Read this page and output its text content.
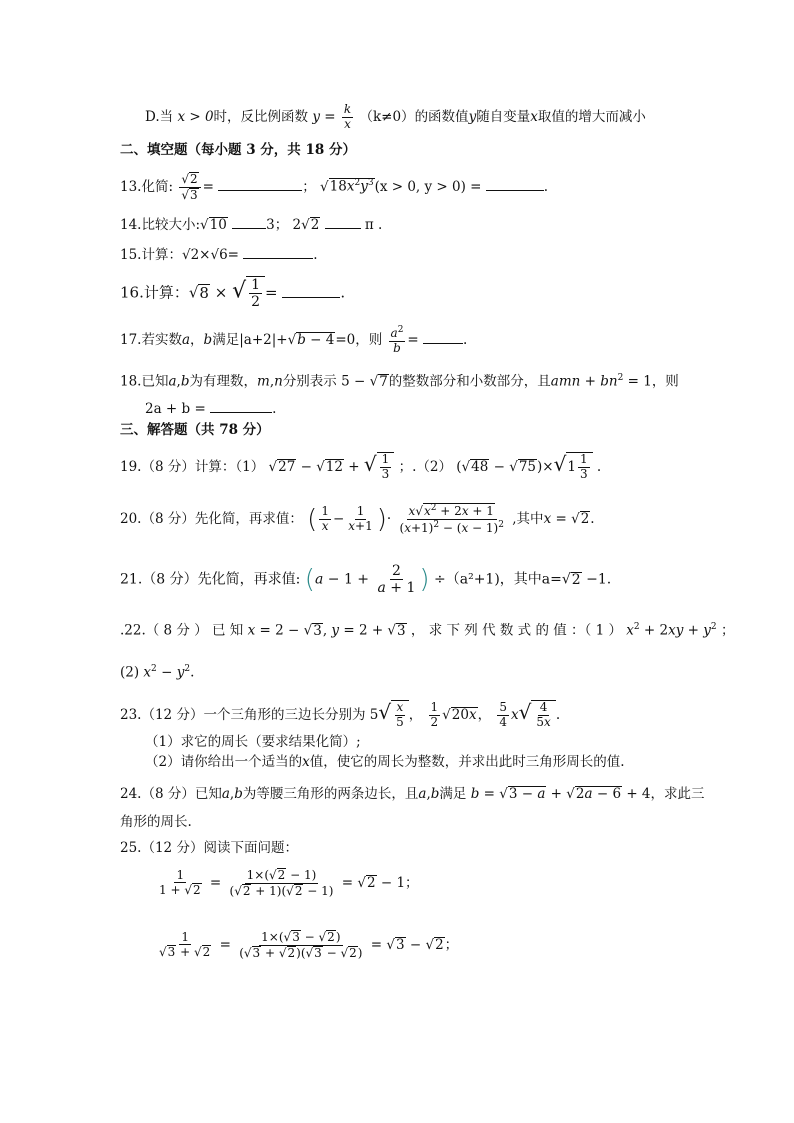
D.当 x > 0时，反比例函数 $y = \frac{k}{x} (k\ne 0)$的函数值y随自变量x取值的增大而减小
二、填空题（每小题 3 分，共 18 分）
13.化简: $\frac{√2}{√3}$ =	； $√18x^2y^3(x > 0$, y > 0) =	.
14.比较大小:√10	3； 2√2	π .
15.计算：√2×√6=	.
16.计算：√8 × √ $\frac{1}{2}$ =	.
17.若实数a，b满足|a+2|+√b − 4=0，则 $\frac{a^2}{b}$ =	.
18.已知a,b为有理数，m,n分别表示 5 − √7的整数部分和小数部分，且amn + $bn^2 = 1$，则
2a + b =	.
三、解答题（共 78 分）
19.（8 分）计算：（1） √27 − √12 + √ $\frac{1}{3}$ ；.（2） $(√48 - √75)\times√1 \frac{1}{3}$ .
20.（8 分）先化简，再求值： ( $\frac{1}{x} - \frac{1}{x+1}$ )· $\frac{x√x^2 + 2x + 1}{(x+1)^2 - (x - 1)^2}$ ,其中x = √2.
21.（8 分）先化简，再求值: ($a - 1 + \frac{2}{a + 1}$ ) ÷（a²+1)，其中a=√2 −1.
.22.（ 8 分 ） 已 知 x = 2 − √3, y = 2 + √3 ， 求 下 列 代 数 式 的 值 ：（ 1 ） $x^2 + 2xy + y^2$ ；
(2) $x^2 - y^2$.
23.（12 分）一个三角形的三边长分别为 $5√ \frac{x}{5}$ ， $\frac{1}{2} √20x$， $\frac{5}{4} x√ \frac{4}{5x}$ .
（1）求它的周长（要求结果化简）;
（2）请你给出一个适当的x值，使它的周长为整数，并求出此时三角形周长的值.
24.（8 分）已知a,b为等腰三角形的两条边长，且a,b满足 b = √3 − a + √2a − 6 + 4，求此三
角形的周长.
25.（12 分）阅读下面问题：
$\frac{1}{1 + √2} = \frac{1\times(√2 - 1)}{(√2 + 1)(√2 - 1)} = √2 - 1$；
$\frac{1}{√3 + √2} = \frac{1\times(√3 - √2)}{(√3 + √2)(√3 - √2)} = √3 - √2$；
